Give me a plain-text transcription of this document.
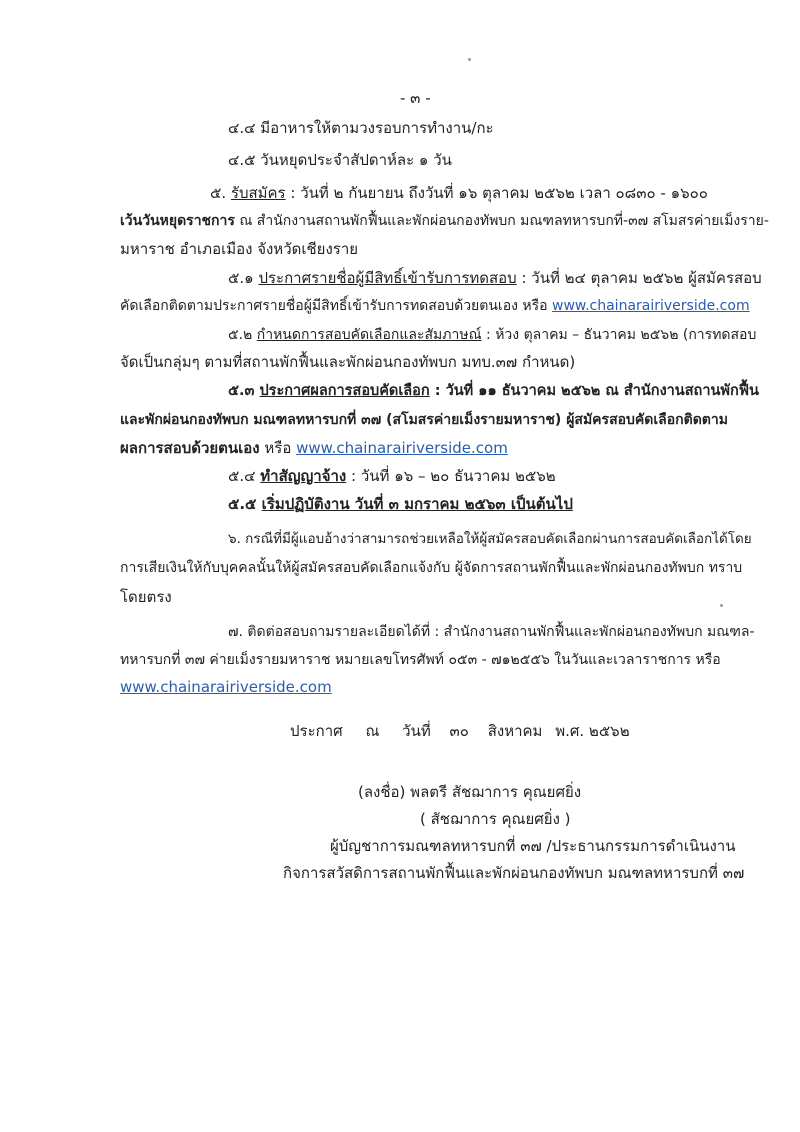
- ๓ -
๔.๔ มีอาหารให้ตามวงรอบการทำงาน/กะ
๔.๕ วันหยุดประจำสัปดาห์ละ ๑ วัน
๕. รับสมัคร : วันที่ ๒ กันยายน ถึงวันที่ ๑๖ ตุลาคม ๒๕๖๒ เวลา ๐๘๓๐ - ๑๖๐๐
เว้นวันหยุดราชการ ณ สำนักงานสถานพักฟื้นและพักผ่อนกองทัพบก มณฑลทหารบกที่-๓๗ สโมสรค่ายเม็งราย-
มหาราช อำเภอเมือง จังหวัดเชียงราย
๕.๑ ประกาศรายชื่อผู้มีสิทธิ์เข้ารับการทดสอบ : วันที่ ๒๔ ตุลาคม ๒๕๖๒ ผู้สมัครสอบ
คัดเลือกติดตามประกาศรายชื่อผู้มีสิทธิ์เข้ารับการทดสอบด้วยตนเอง หรือ www.chainarairiverside.com
๕.๒ กำหนดการสอบคัดเลือกและสัมภาษณ์ : ห้วง ตุลาคม – ธันวาคม ๒๕๖๒ (การทดสอบ
จัดเป็นกลุ่มๆ ตามที่สถานพักฟื้นและพักผ่อนกองทัพบก มทบ.๓๗ กำหนด)
๕.๓ ประกาศผลการสอบคัดเลือก : วันที่ ๑๑ ธันวาคม ๒๕๖๒ ณ สำนักงานสถานพักฟื้น
และพักผ่อนกองทัพบก มณฑลทหารบกที่ ๓๗ (สโมสรค่ายเม็งรายมหาราช) ผู้สมัครสอบคัดเลือกติดตาม
ผลการสอบด้วยตนเอง หรือ www.chainarairiverside.com
๕.๔ ทำสัญญาจ้าง : วันที่ ๑๖ – ๒๐ ธันวาคม ๒๕๖๒
๕.๕ เริ่มปฏิบัติงาน วันที่ ๓ มกราคม ๒๕๖๓ เป็นต้นไป
๖. กรณีที่มีผู้แอบอ้างว่าสามารถช่วยเหลือให้ผู้สมัครสอบคัดเลือกผ่านการสอบคัดเลือกได้โดย
การเสียเงินให้กับบุคคลนั้นให้ผู้สมัครสอบคัดเลือกแจ้งกับ ผู้จัดการสถานพักฟื้นและพักผ่อนกองทัพบก ทราบ
โดยตรง
๗. ติดต่อสอบถามรายละเอียดได้ที่ : สำนักงานสถานพักฟื้นและพักผ่อนกองทัพบก มณฑล-
ทหารบกที่ ๓๗ ค่ายเม็งรายมหาราช หมายเลขโทรศัพท์ ๐๕๓ - ๗๑๒๕๕๖ ในวันและเวลาราชการ หรือ
www.chainarairiverside.com
ประกาศ ณ วันที่ ๓๐ สิงหาคม พ.ศ. ๒๕๖๒
(ลงชื่อ) พลตรี สัชฌาการ คุณยศยิ่ง
( สัชฌาการ คุณยศยิ่ง )
ผู้บัญชาการมณฑลทหารบกที่ ๓๗ /ประธานกรรมการดำเนินงาน
กิจการสวัสดิการสถานพักฟื้นและพักผ่อนกองทัพบก มณฑลทหารบกที่ ๓๗
